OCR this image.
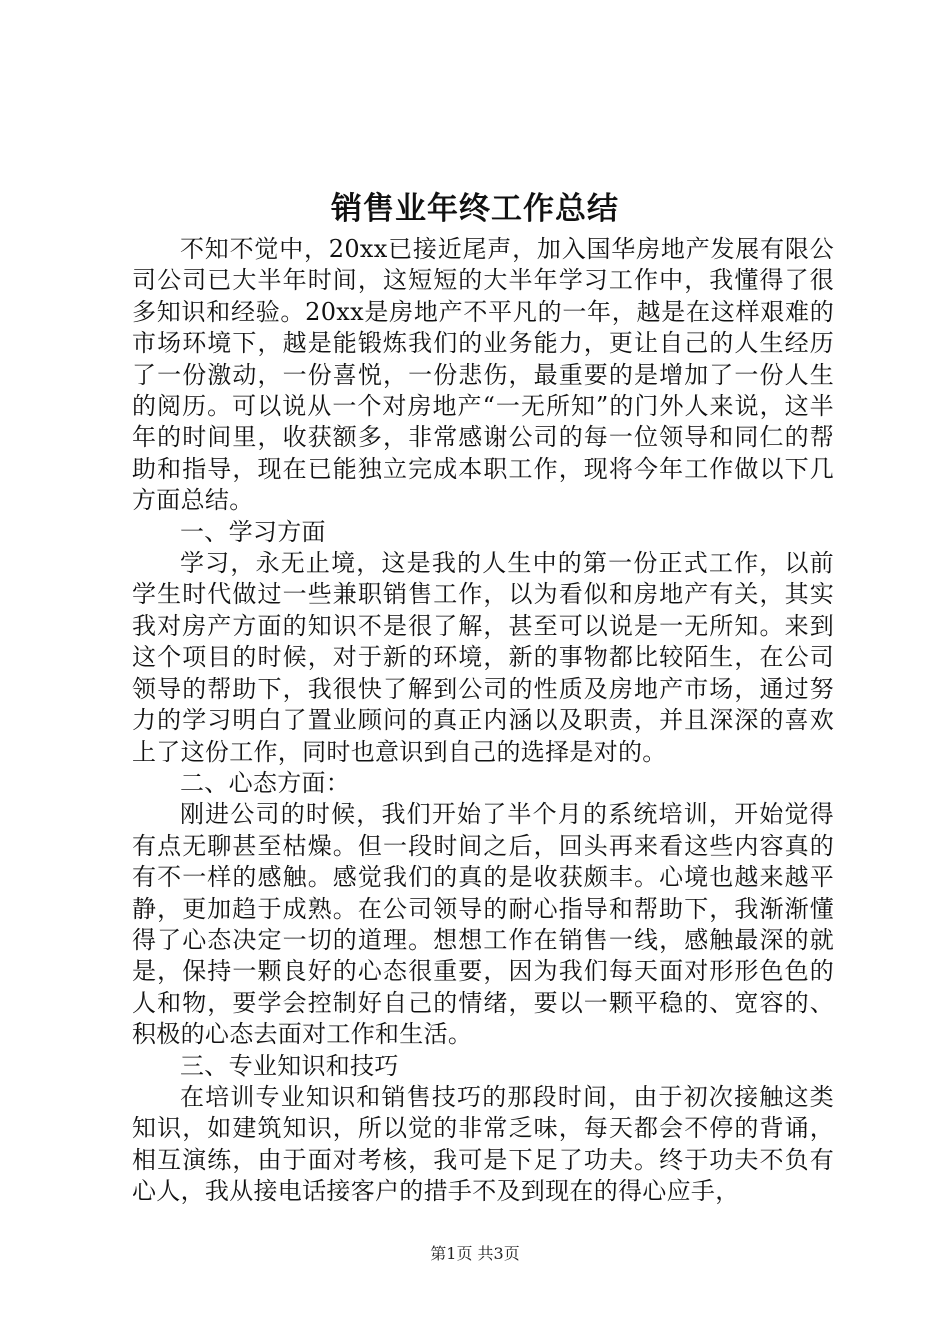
销售业年终工作总结

不知不觉中，20xx已接近尾声，加入国华房地产发展有限公司公司已大半年时间，这短短的大半年学习工作中，我懂得了很多知识和经验。20xx是房地产不平凡的一年，越是在这样艰难的市场环境下，越是能锻炼我们的业务能力，更让自己的人生经历了一份激动，一份喜悦，一份悲伤，最重要的是增加了一份人生的阅历。可以说从一个对房地产“一无所知”的门外人来说，这半年的时间里，收获额多，非常感谢公司的每一位领导和同仁的帮助和指导，现在已能独立完成本职工作，现将今年工作做以下几方面总结。

一、学习方面

学习，永无止境，这是我的人生中的第一份正式工作，以前学生时代做过一些兼职销售工作，以为看似和房地产有关，其实我对房产方面的知识不是很了解，甚至可以说是一无所知。来到这个项目的时候，对于新的环境，新的事物都比较陌生，在公司领导的帮助下，我很快了解到公司的性质及房地产市场，通过努力的学习明白了置业顾问的真正内涵以及职责，并且深深的喜欢上了这份工作，同时也意识到自己的选择是对的。

二、心态方面：

刚进公司的时候，我们开始了半个月的系统培训，开始觉得有点无聊甚至枯燥。但一段时间之后，回头再来看这些内容真的有不一样的感触。感觉我们的真的是收获颇丰。心境也越来越平静，更加趋于成熟。在公司领导的耐心指导和帮助下，我渐渐懂得了心态决定一切的道理。想想工作在销售一线，感触最深的就是，保持一颗良好的心态很重要，因为我们每天面对形形色色的人和物，要学会控制好自己的情绪，要以一颗平稳的、宽容的、积极的心态去面对工作和生活。

三、专业知识和技巧

在培训专业知识和销售技巧的那段时间，由于初次接触这类知识，如建筑知识，所以觉的非常乏味，每天都会不停的背诵，相互演练，由于面对考核，我可是下足了功夫。终于功夫不负有心人，我从接电话接客户的措手不及到现在的得心应手，

第1页 共3页
